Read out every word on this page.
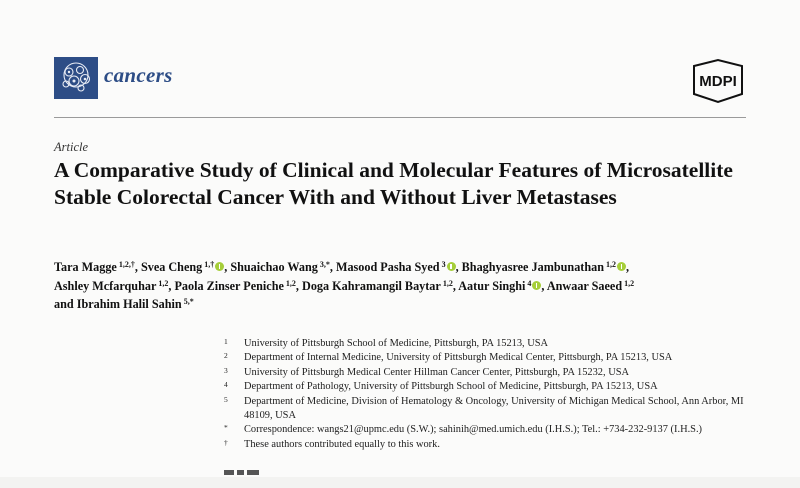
cancers	MDPI
Article
A Comparative Study of Clinical and Molecular Features of Microsatellite Stable Colorectal Cancer With and Without Liver Metastases
Tara Magge $^{1,2,\dagger}$, Svea Cheng $^{1,\dagger}$ , Shuaichao Wang $^{3,*}$, Masood Pasha Syed $^3$ , Bhaghyasree Jambunathan $^{1,2}$ ,
Ashley Mcfarquhar $^{1,2}$, Paola Zinser Peniche $^{1,2}$, Doga Kahramangil Baytar $^{1,2}$, Aatur Singhi $^4$ , Anwaar Saeed $^{1,2}$
and Ibrahim Halil Sahin $^{5,*}$
1	University of Pittsburgh School of Medicine, Pittsburgh, PA 15213, USA
2	Department of Internal Medicine, University of Pittsburgh Medical Center, Pittsburgh, PA 15213, USA
3	University of Pittsburgh Medical Center Hillman Cancer Center, Pittsburgh, PA 15232, USA
4	Department of Pathology, University of Pittsburgh School of Medicine, Pittsburgh, PA 15213, USA
5	Department of Medicine, Division of Hematology & Oncology, University of Michigan Medical School, Ann Arbor, MI 48109, USA
*	Correspondence: wangs21@upmc.edu (S.W.); sahinih@med.umich.edu (I.H.S.); Tel.: +734-232-9137 (I.H.S.)
†	These authors contributed equally to this work.
